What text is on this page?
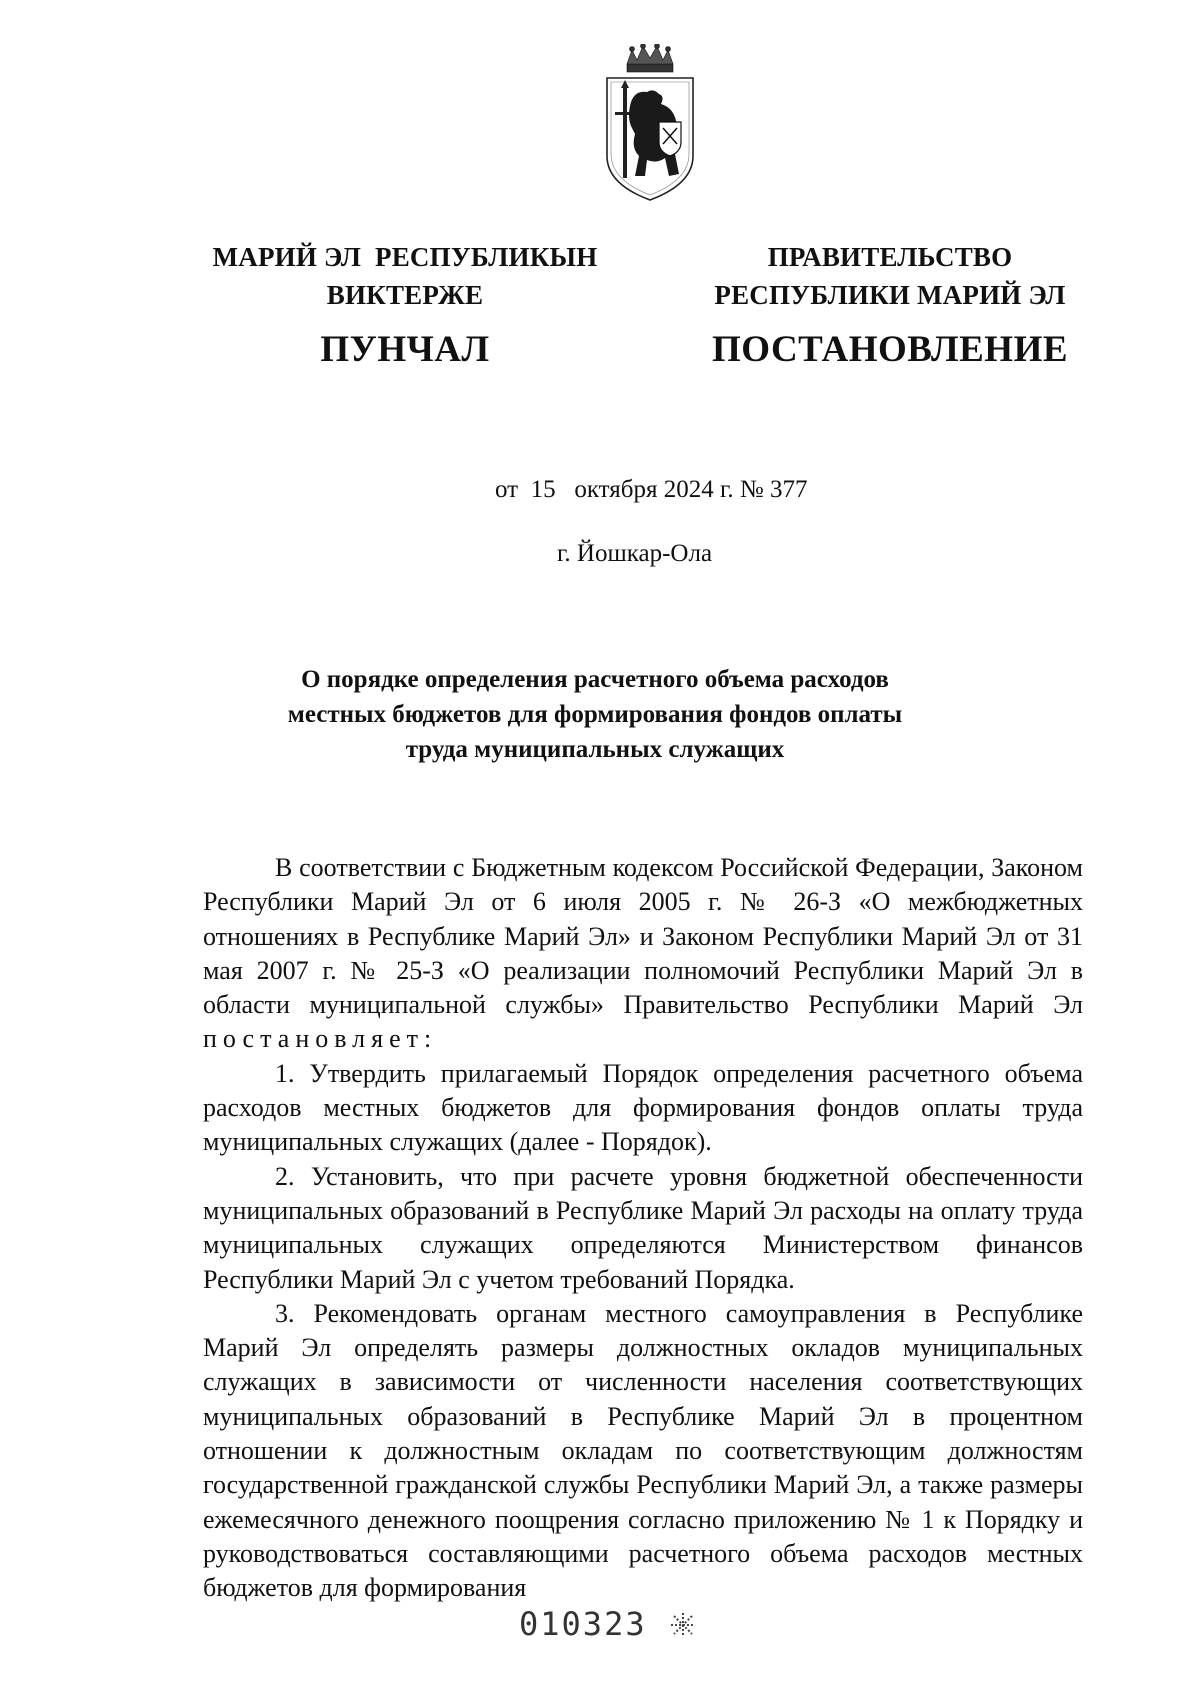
МАРИЙ ЭЛ  РЕСПУБЛИКЫН
ВИКТЕРЖЕ
ПУНЧАЛ
ПРАВИТЕЛЬСТВО
РЕСПУБЛИКИ МАРИЙ ЭЛ
ПОСТАНОВЛЕНИЕ
от  15   октября 2024 г. № 377
г. Йошкар-Ола
О порядке определения расчетного объема расходов
местных бюджетов для формирования фондов оплаты
труда муниципальных служащих

В соответствии с Бюджетным кодексом Российской Федерации, Законом Республики Марий Эл от 6 июля 2005 г. № 26-З «О межбюджетных отношениях в Республике Марий Эл» и Законом Республики Марий Эл от 31 мая 2007 г. № 25-З «О реализации полномочий Республики Марий Эл в области муниципальной службы» Правительство Республики Марий Эл постановляет:

1. Утвердить прилагаемый Порядок определения расчетного объема расходов местных бюджетов для формирования фондов оплаты труда муниципальных служащих (далее - Порядок).

2. Установить, что при расчете уровня бюджетной обеспеченности муниципальных образований в Республике Марий Эл расходы на оплату труда муниципальных служащих определяются Министерством финансов Республики Марий Эл с учетом требований Порядка.

3. Рекомендовать органам местного самоуправления в Республике Марий Эл определять размеры должностных окладов муниципальных служащих в зависимости от численности населения соответствующих муниципальных образований в Республике Марий Эл в процентном отношении к должностным окладам по соответствующим должностям государственной гражданской службы Республики Марий Эл, а также размеры ежемесячного денежного поощрения согласно приложению № 1 к Порядку и руководствоваться составляющими расчетного объема расходов местных бюджетов для формирования

010323
